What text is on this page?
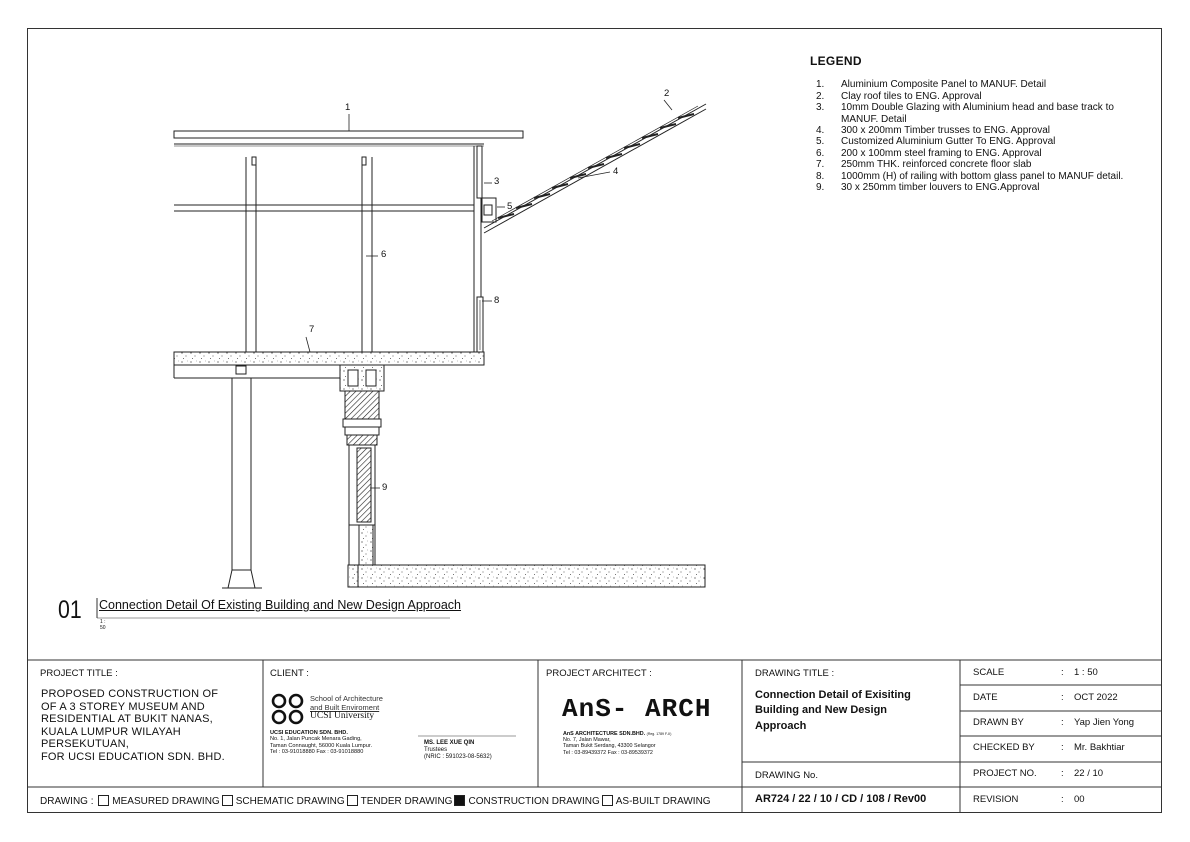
1
2
3
4
5
6
7
8
9
LEGEND
1.	Aluminium Composite Panel to MANUF. Detail
2.	Clay roof tiles to ENG. Approval
3.	10mm Double Glazing with Aluminium head and base track to MANUF. Detail
4.	300 x 200mm Timber trusses to ENG. Approval
5.	Customized Aluminium Gutter To ENG. Approval
6.	200 x 100mm steel framing to ENG. Approval
7.	250mm THK. reinforced concrete floor slab
8.	1000mm (H) of railing with bottom glass panel to MANUF detail.
9.	30 x 250mm timber louvers to ENG.Approval
01 Connection Detail Of Existing Building and New Design Approach
1 : 50
PROJECT TITLE :
PROPOSED CONSTRUCTION OF
OF A 3 STOREY MUSEUM AND
RESIDENTIAL AT BUKIT NANAS,
KUALA LUMPUR WILAYAH
PERSEKUTUAN,
FOR UCSI EDUCATION SDN. BHD.
CLIENT :
School of Architecture
and Built Enviroment
UCSI University
UCSI EDUCATION SDN. BHD.
No. 1, Jalan Puncak Menara Gading,
Taman Connaught, 56000 Kuala Lumpur.
Tel : 03-91018880 Fax : 03-91018880
MS. LEE XUE QIN
Trustees
(NRIC : 591023-08-5632)
PROJECT ARCHITECT :
AnS- ARCH
AnS ARCHITECTURE SDN.BHD. (Reg. 1789 F-II)
No. 7, Jalan Mawar,
Taman Bukit Serdang, 43300 Selangor
Tel : 03-89439372 Fax : 03-89539372
DRAWING TITLE :
Connection Detail of Exisiting
Building and New Design
Approach
DRAWING No.
AR724 / 22 / 10 / CD / 108 / Rev00
SCALE	: 1 : 50
DATE	: OCT 2022
DRAWN BY	: Yap Jien Yong
CHECKED BY	: Mr. Bakhtiar
PROJECT NO.	: 22 / 10
REVISION	: 00
DRAWING : MEASURED DRAWING SCHEMATIC DRAWING TENDER DRAWING CONSTRUCTION DRAWING AS-BUILT DRAWING
